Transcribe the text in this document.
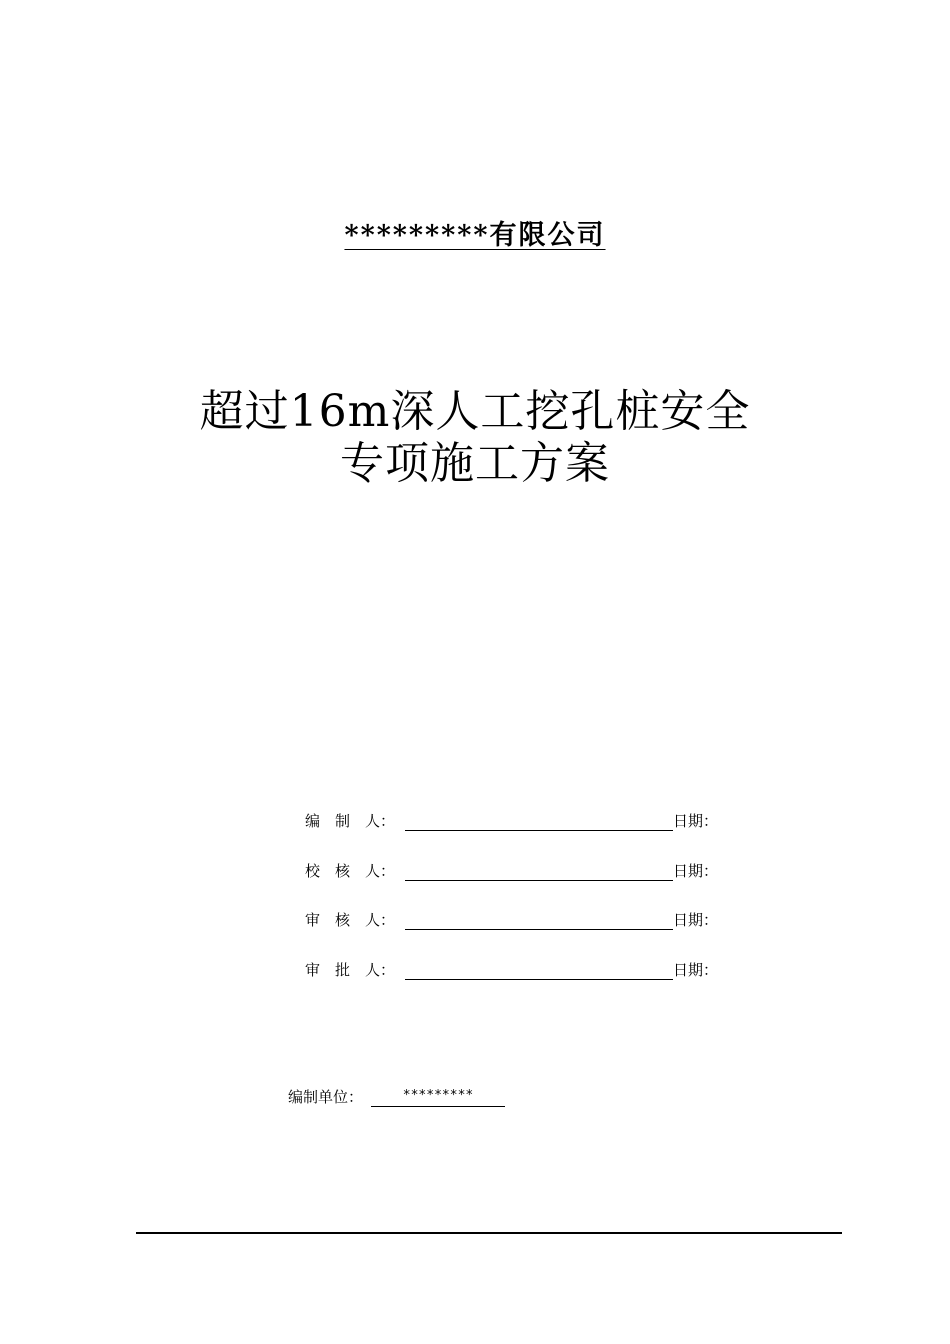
*********有限公司
超过16m深人工挖孔桩安全
专项施工方案
编　制　人：	日期：
校　核　人：	日期：
审　核　人：	日期：
审　批　人：	日期：
编制单位：	*********
